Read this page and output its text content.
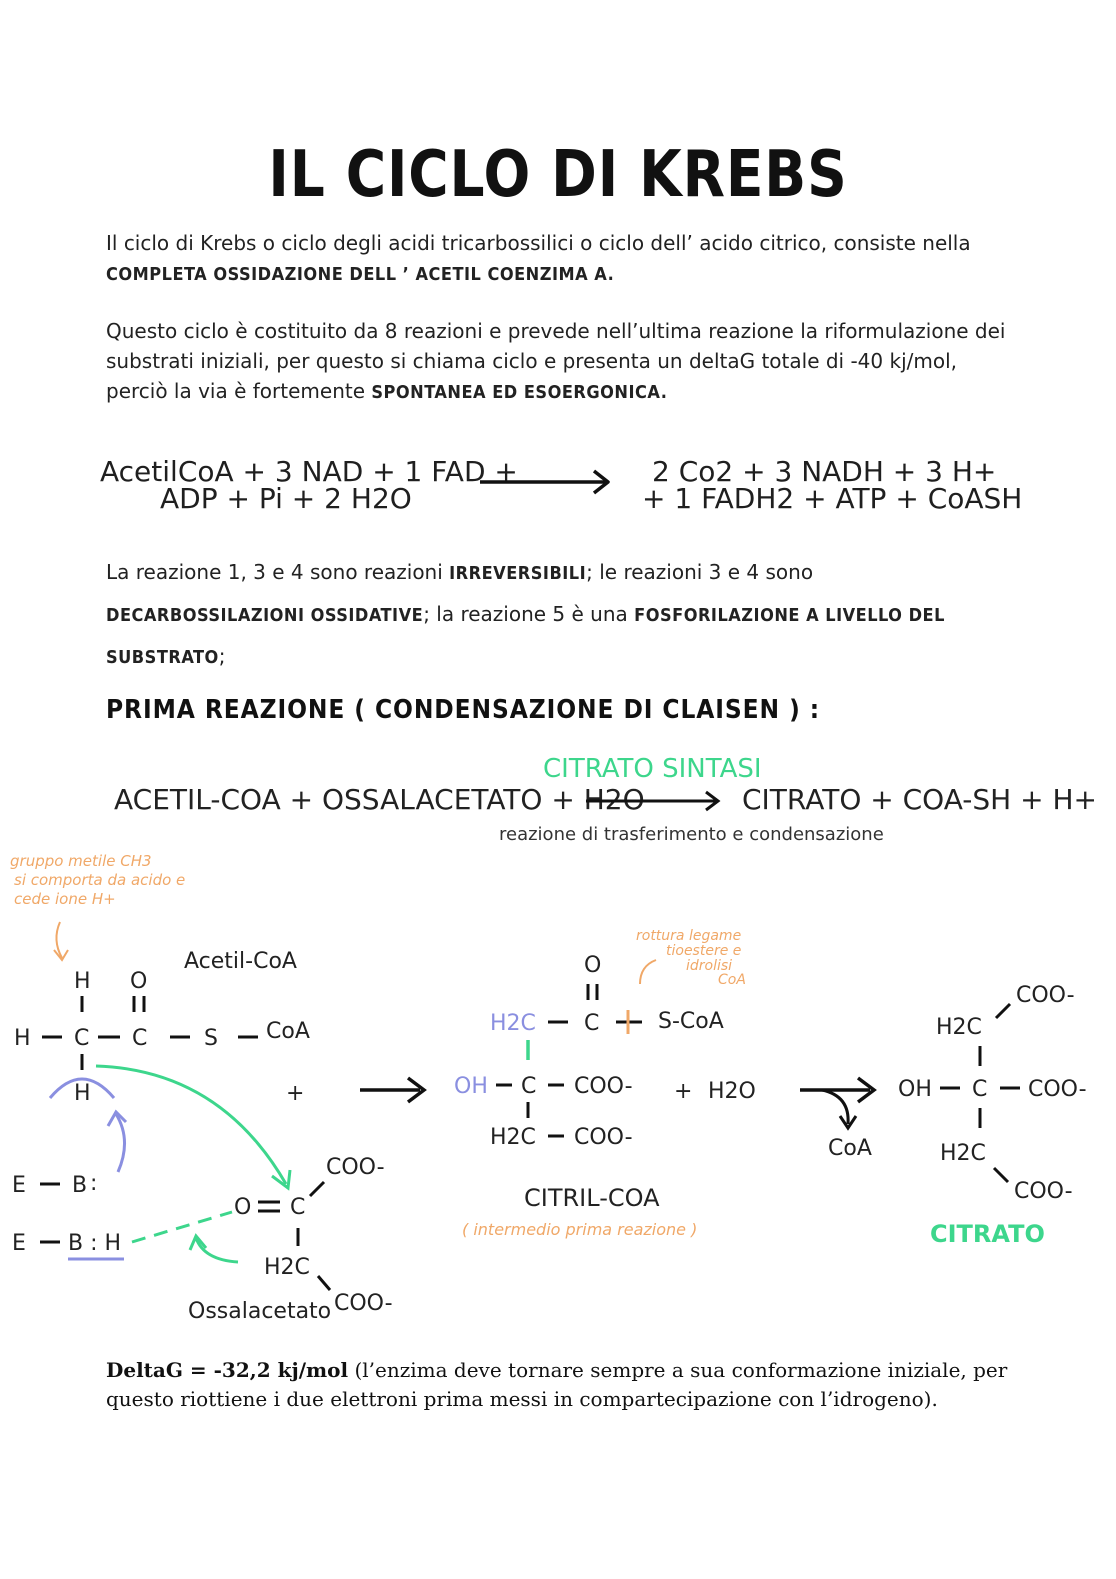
IL CICLO DI KREBS
Il ciclo di Krebs o ciclo degli acidi tricarbossilici o ciclo dell’ acido citrico, consiste nella COMPLETA OSSIDAZIONE DELL ’ ACETIL COENZIMA A.
Questo ciclo è costituito da 8 reazioni e prevede nell’ultima reazione la riformulazione dei substrati iniziali, per questo si chiama ciclo e presenta un deltaG totale di -40 kj/mol, perciò la via è fortemente SPONTANEA ED ESOERGONICA.
AcetilCoA + 3 NAD + 1 FAD +
ADP + Pi + 2 H2O
2 Co2 + 3 NADH + 3 H+
+ 1 FADH2 + ATP + CoASH
La reazione 1, 3 e 4 sono reazioni IRREVERSIBILI; le reazioni 3 e 4 sono DECARBOSSILAZIONI OSSIDATIVE; la reazione 5 è una FOSFORILAZIONE A LIVELLO DEL SUBSTRATO;
PRIMA REAZIONE ( CONDENSAZIONE DI CLAISEN ) :
CITRATO SINTASI
ACETIL-COA + OSSALACETATO + H2O	CITRATO + COA-SH + H+
reazione di trasferimento e condensazione
gruppo metile CH3
si comporta da acido e
cede ione H+
Acetil-CoA
H O
H C C	S CoA
H	+
E B :
E B : H
O C
COO-
H2C
COO-
Ossalacetato
O
H2C C	S-CoA
OH C COO-
H2C COO-
CITRIL-COA
( intermedio prima reazione )
rottura legame
tioestere e
idrolisi
CoA
+ H2O
CoA
COO-
H2C
OH C COO-
H2C
COO-
CITRATO
DeltaG = -32,2 kj/mol (l’enzima deve tornare sempre a sua conformazione iniziale, per questo riottiene i due elettroni prima messi in compartecipazione con l’idrogeno).
